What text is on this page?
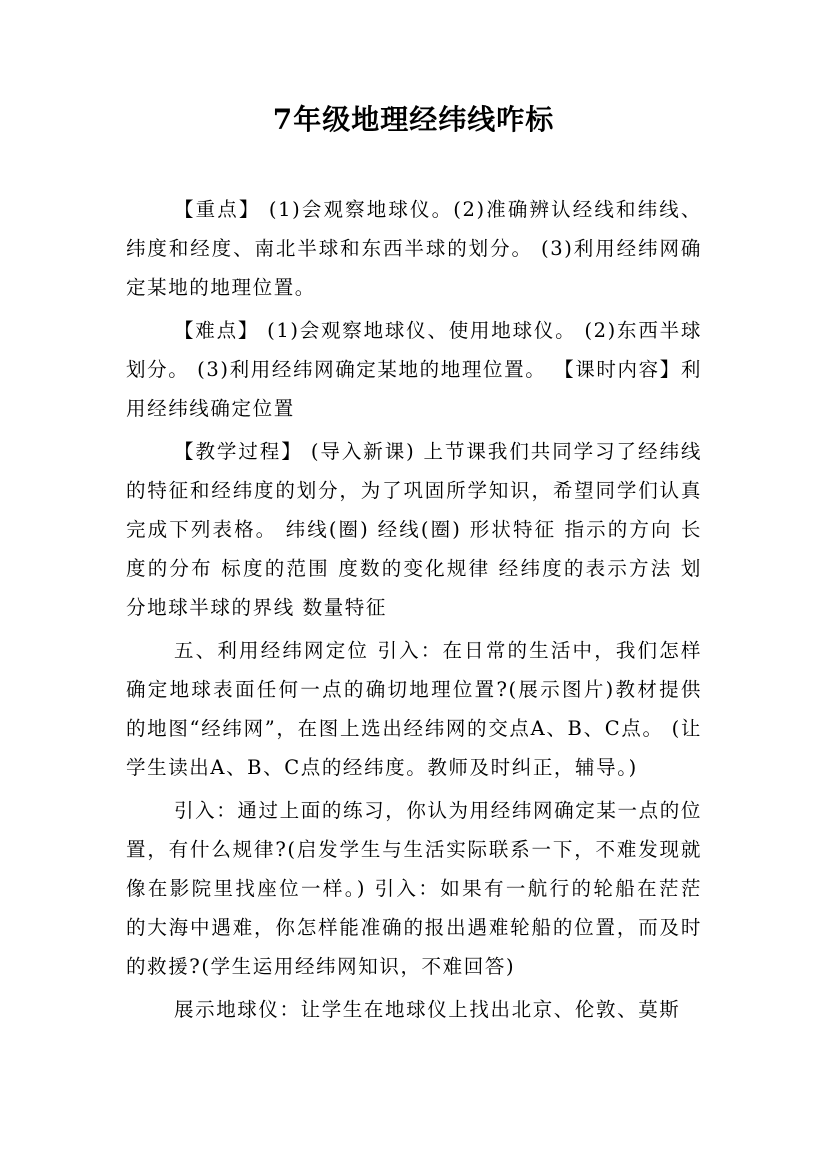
7年级地理经纬线咋标

【重点】 (1)会观察地球仪。(2)准确辨认经线和纬线、纬度和经度、南北半球和东西半球的划分。 (3)利用经纬网确定某地的地理位置。

【难点】 (1)会观察地球仪、使用地球仪。 (2)东西半球划分。 (3)利用经纬网确定某地的地理位置。 【课时内容】利用经纬线确定位置

【教学过程】 (导入新课) 上节课我们共同学习了经纬线的特征和经纬度的划分，为了巩固所学知识，希望同学们认真完成下列表格。 纬线(圈) 经线(圈) 形状特征 指示的方向 长度的分布 标度的范围 度数的变化规律 经纬度的表示方法 划分地球半球的界线 数量特征

五、利用经纬网定位 引入：在日常的生活中，我们怎样确定地球表面任何一点的确切地理位置?(展示图片)教材提供的地图“经纬网”，在图上选出经纬网的交点A、B、C点。 (让学生读出A、B、C点的经纬度。教师及时纠正，辅导。)

引入：通过上面的练习，你认为用经纬网确定某一点的位置，有什么规律?(启发学生与生活实际联系一下，不难发现就像在影院里找座位一样。) 引入：如果有一航行的轮船在茫茫的大海中遇难，你怎样能准确的报出遇难轮船的位置，而及时的救援?(学生运用经纬网知识，不难回答)

展示地球仪：让学生在地球仪上找出北京、伦敦、莫斯
